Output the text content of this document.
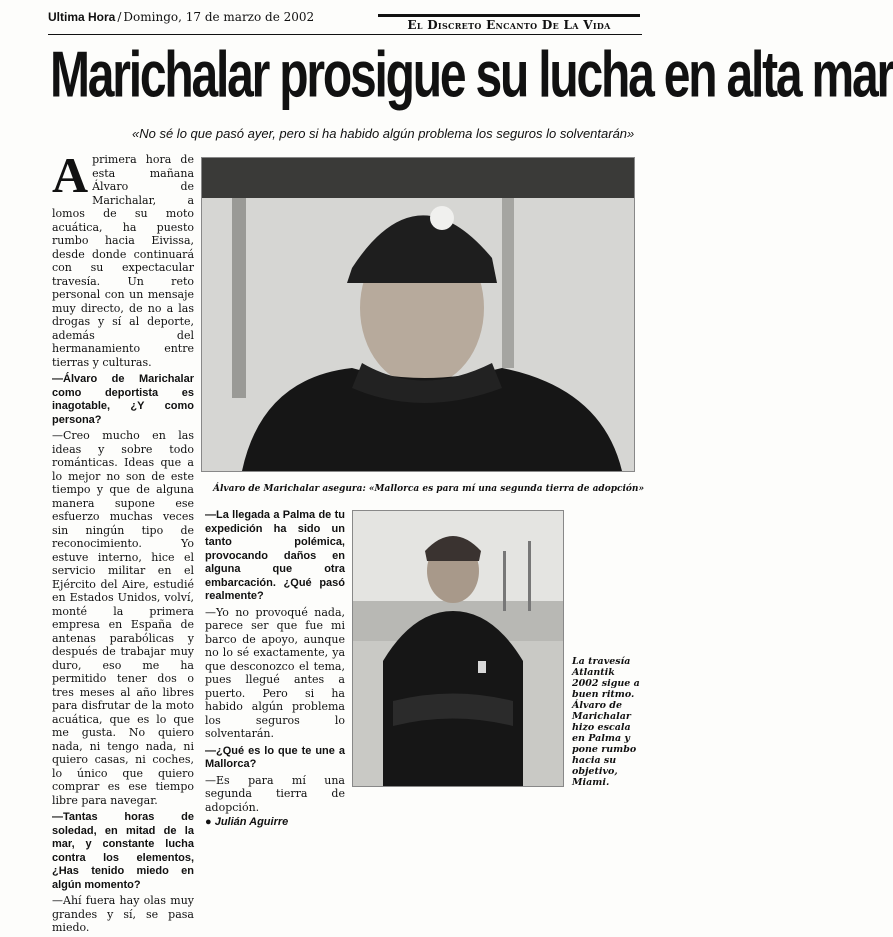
Ultima Hora / Domingo, 17 de marzo de 2002
El Discreto Encanto De La Vida
Marichalar prosigue su lucha en alta mar
«No sé lo que pasó ayer, pero si ha habido algún problema los seguros lo solventarán»
A primera hora de esta mañana Álvaro de Marichalar, a lomos de su moto acuática, ha puesto rumbo hacia Eivissa, desde donde continuará con su expectacular travesía. Un reto personal con un mensaje muy directo, de no a las drogas y sí al deporte, además del hermanamiento entre tierras y culturas.

—Álvaro de Marichalar como deportista es inagotable, ¿Y como persona?

—Creo mucho en las ideas y sobre todo románticas. Ideas que a lo mejor no son de este tiempo y que de alguna manera supone ese esfuerzo muchas veces sin ningún tipo de reconocimiento. Yo estuve interno, hice el servicio militar en el Ejército del Aire, estudié en Estados Unidos, volví, monté la primera empresa en España de antenas parabólicas y después de trabajar muy duro, eso me ha permitido tener dos o tres meses al año libres para disfrutar de la moto acuática, que es lo que me gusta. No quiero nada, ni tengo nada, ni quiero casas, ni coches, lo único que quiero comprar es ese tiempo libre para navegar.

—Tantas horas de soledad, en mitad de la mar, y constante lucha contra los elementos, ¿Has tenido miedo en algún momento?

—Ahí fuera hay olas muy grandes y sí, se pasa miedo.

Álvaro de Marichalar asegura: «Mallorca es para mí una segunda tierra de adopción»

—La llegada a Palma de tu expedición ha sido un tanto polémica, provocando daños en alguna que otra embarcación. ¿Qué pasó realmente?

—Yo no provoqué nada, parece ser que fue mi barco de apoyo, aunque no lo sé exactamente, ya que desconozco el tema, pues llegué antes a puerto. Pero si ha habido algún problema los seguros lo solventarán.

—¿Qué es lo que te une a Mallorca?

—Es para mí una segunda tierra de adopción.

● Julián Aguirre

La travesía Atlantik 2002 sigue a buen ritmo. Álvaro de Marichalar hizo escala en Palma y pone rumbo hacia su objetivo, Miami.
